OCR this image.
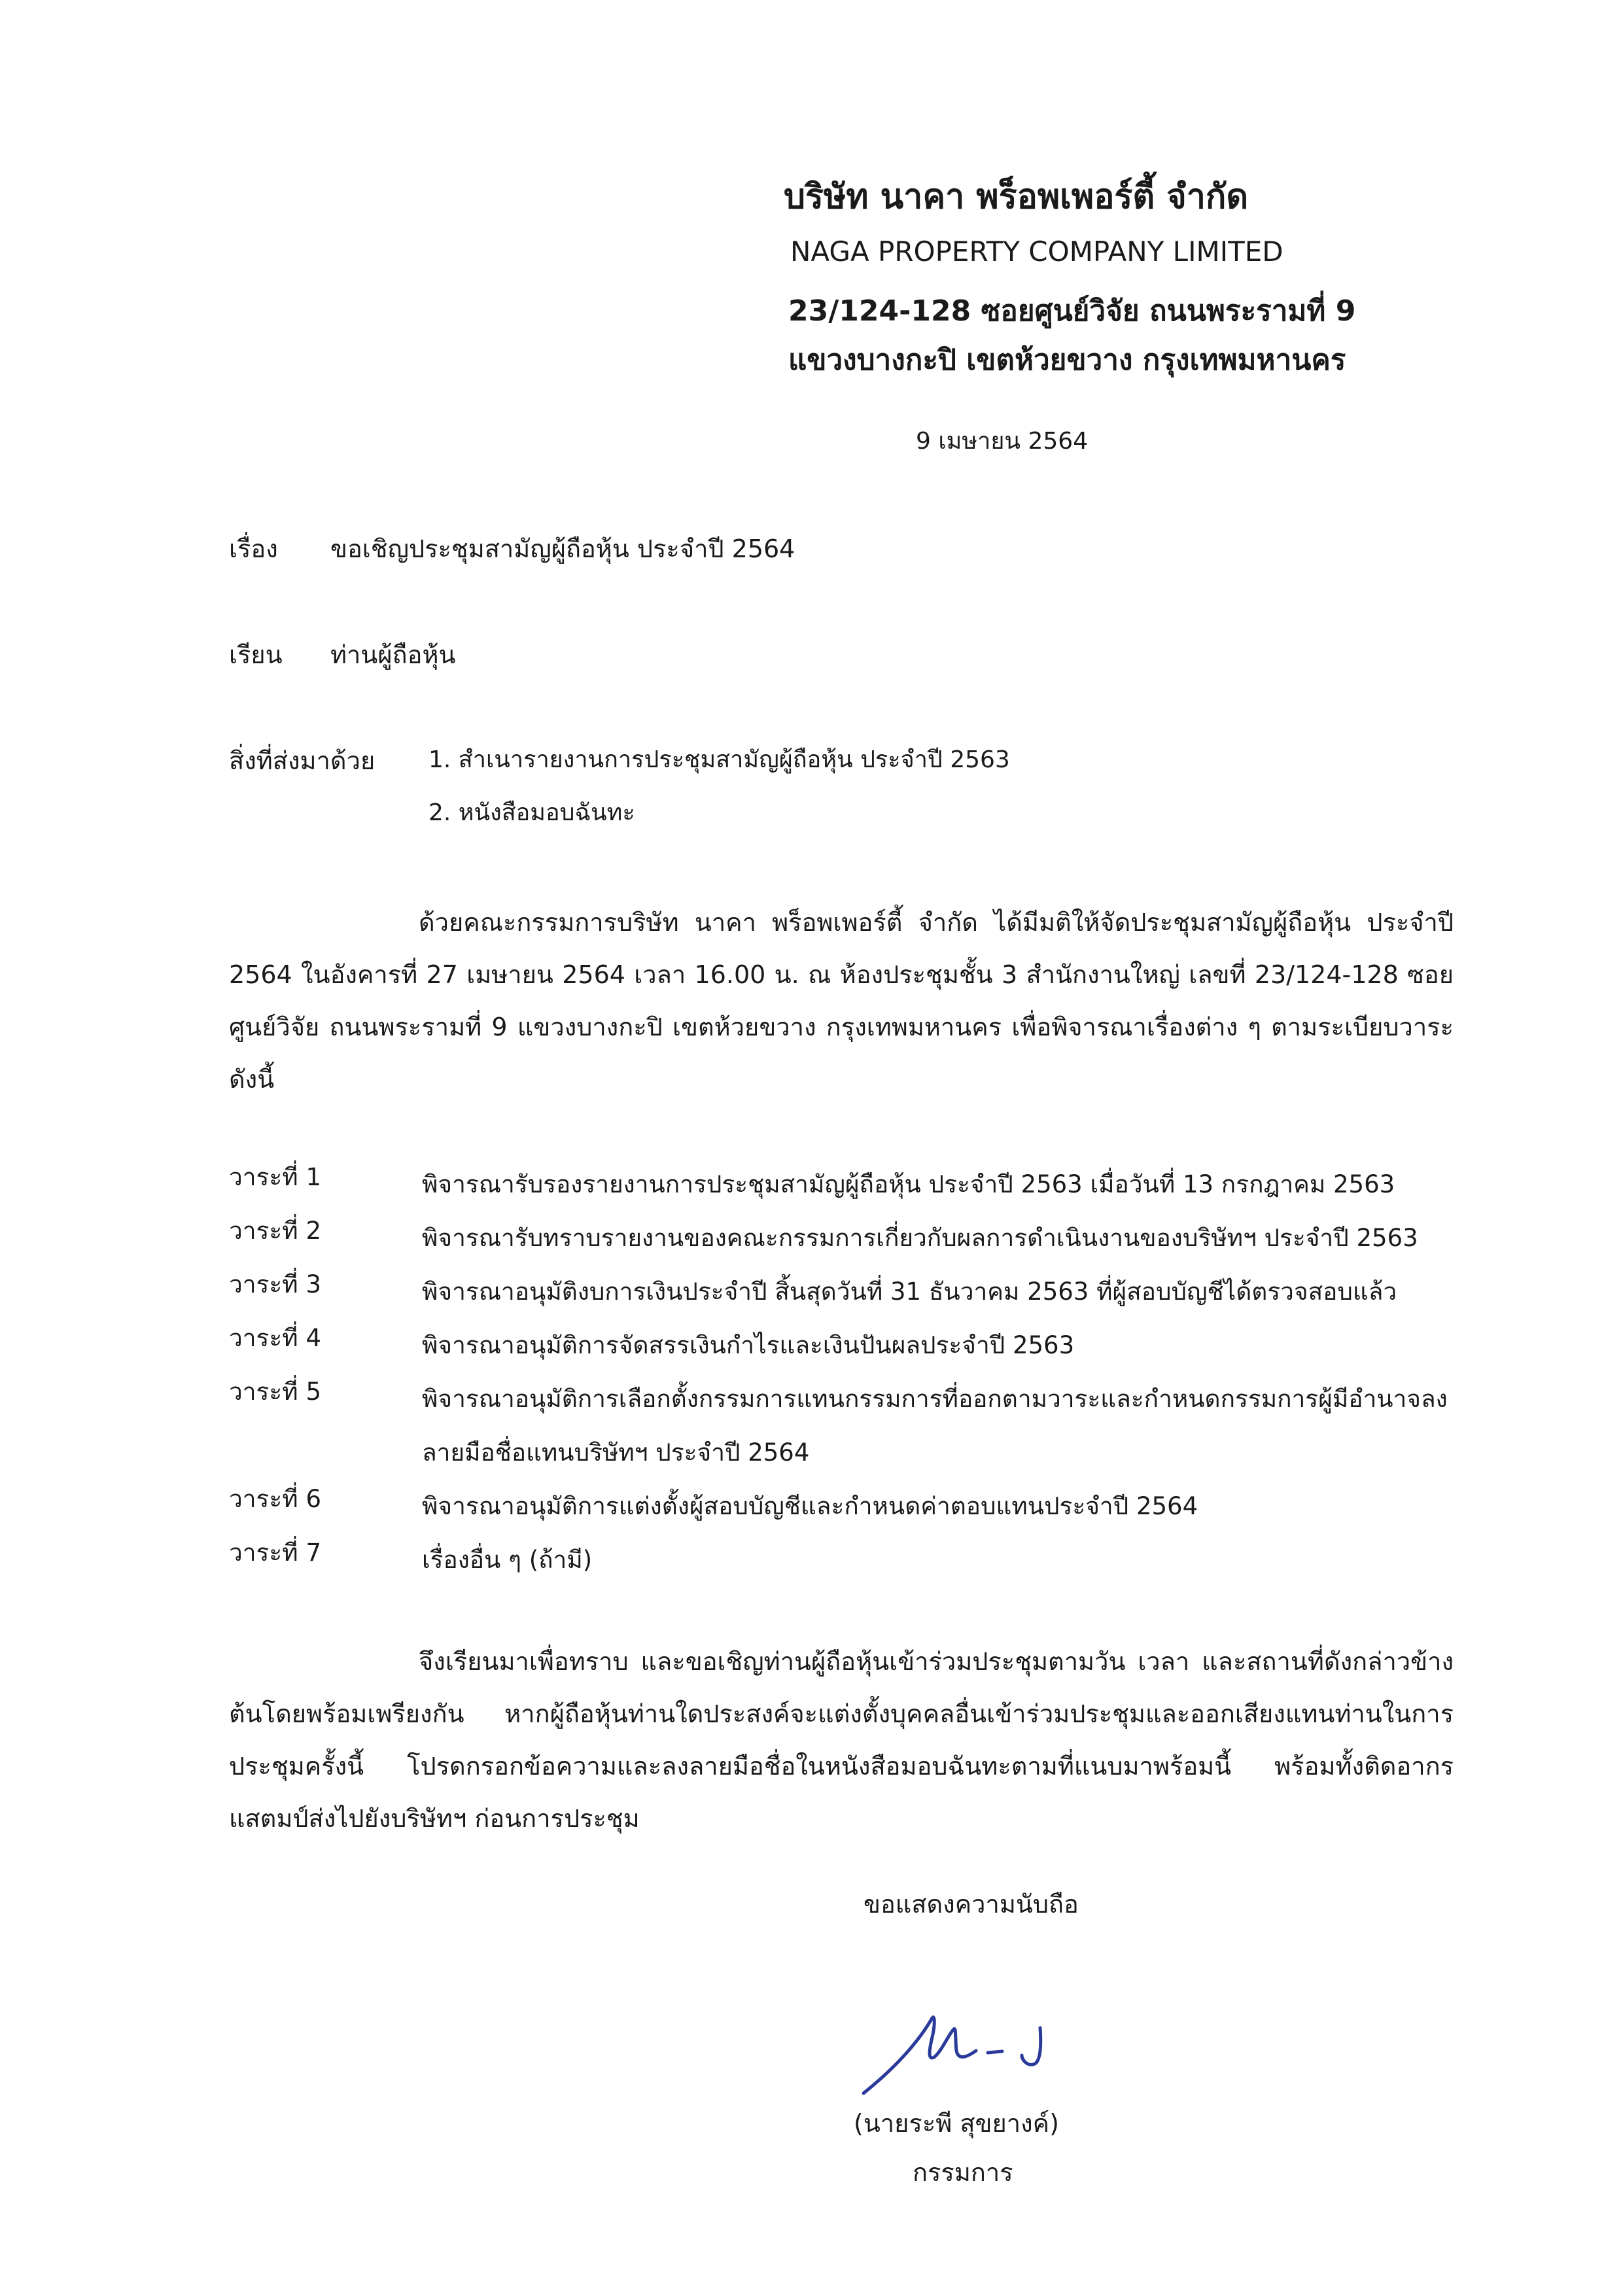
บริษัท นาคา พร็อพเพอร์ตี้ จำกัด
NAGA PROPERTY COMPANY LIMITED
23/124-128 ซอยศูนย์วิจัย ถนนพระรามที่ 9
แขวงบางกะปิ เขตห้วยขวาง กรุงเทพมหานคร
9 เมษายน 2564
เรื่อง ขอเชิญประชุมสามัญผู้ถือหุ้น ประจำปี 2564
เรียน ท่านผู้ถือหุ้น
สิ่งที่ส่งมาด้วย 1. สำเนารายงานการประชุมสามัญผู้ถือหุ้น ประจำปี 2563
2. หนังสือมอบฉันทะ
ด้วยคณะกรรมการบริษัท นาคา พร็อพเพอร์ตี้ จำกัด ได้มีมติให้จัดประชุมสามัญผู้ถือหุ้น ประจำปี 2564 ในอังคารที่ 27 เมษายน 2564 เวลา 16.00 น. ณ ห้องประชุมชั้น 3 สำนักงานใหญ่ เลขที่ 23/124-128 ซอยศูนย์วิจัย ถนนพระรามที่ 9 แขวงบางกะปิ เขตห้วยขวาง กรุงเทพมหานคร เพื่อพิจารณาเรื่องต่าง ๆ ตามระเบียบวาระดังนี้
วาระที่ 1	พิจารณารับรองรายงานการประชุมสามัญผู้ถือหุ้น ประจำปี 2563 เมื่อวันที่ 13 กรกฎาคม 2563
วาระที่ 2	พิจารณารับทราบรายงานของคณะกรรมการเกี่ยวกับผลการดำเนินงานของบริษัทฯ ประจำปี 2563
วาระที่ 3	พิจารณาอนุมัติงบการเงินประจำปี สิ้นสุดวันที่ 31 ธันวาคม 2563 ที่ผู้สอบบัญชีได้ตรวจสอบแล้ว
วาระที่ 4	พิจารณาอนุมัติการจัดสรรเงินกำไรและเงินปันผลประจำปี 2563
วาระที่ 5	พิจารณาอนุมัติการเลือกตั้งกรรมการแทนกรรมการที่ออกตามวาระและกำหนดกรรมการผู้มีอำนาจลงลายมือชื่อแทนบริษัทฯ ประจำปี 2564
วาระที่ 6	พิจารณาอนุมัติการแต่งตั้งผู้สอบบัญชีและกำหนดค่าตอบแทนประจำปี 2564
วาระที่ 7	เรื่องอื่น ๆ (ถ้ามี)
จึงเรียนมาเพื่อทราบ และขอเชิญท่านผู้ถือหุ้นเข้าร่วมประชุมตามวัน เวลา และสถานที่ดังกล่าวข้างต้นโดยพร้อมเพรียงกัน หากผู้ถือหุ้นท่านใดประสงค์จะแต่งตั้งบุคคลอื่นเข้าร่วมประชุมและออกเสียงแทนท่านในการประชุมครั้งนี้ โปรดกรอกข้อความและลงลายมือชื่อในหนังสือมอบฉันทะตามที่แนบมาพร้อมนี้ พร้อมทั้งติดอากรแสตมป์ส่งไปยังบริษัทฯ ก่อนการประชุม
ขอแสดงความนับถือ
(นายระพี สุขยางค์)
กรรมการ
